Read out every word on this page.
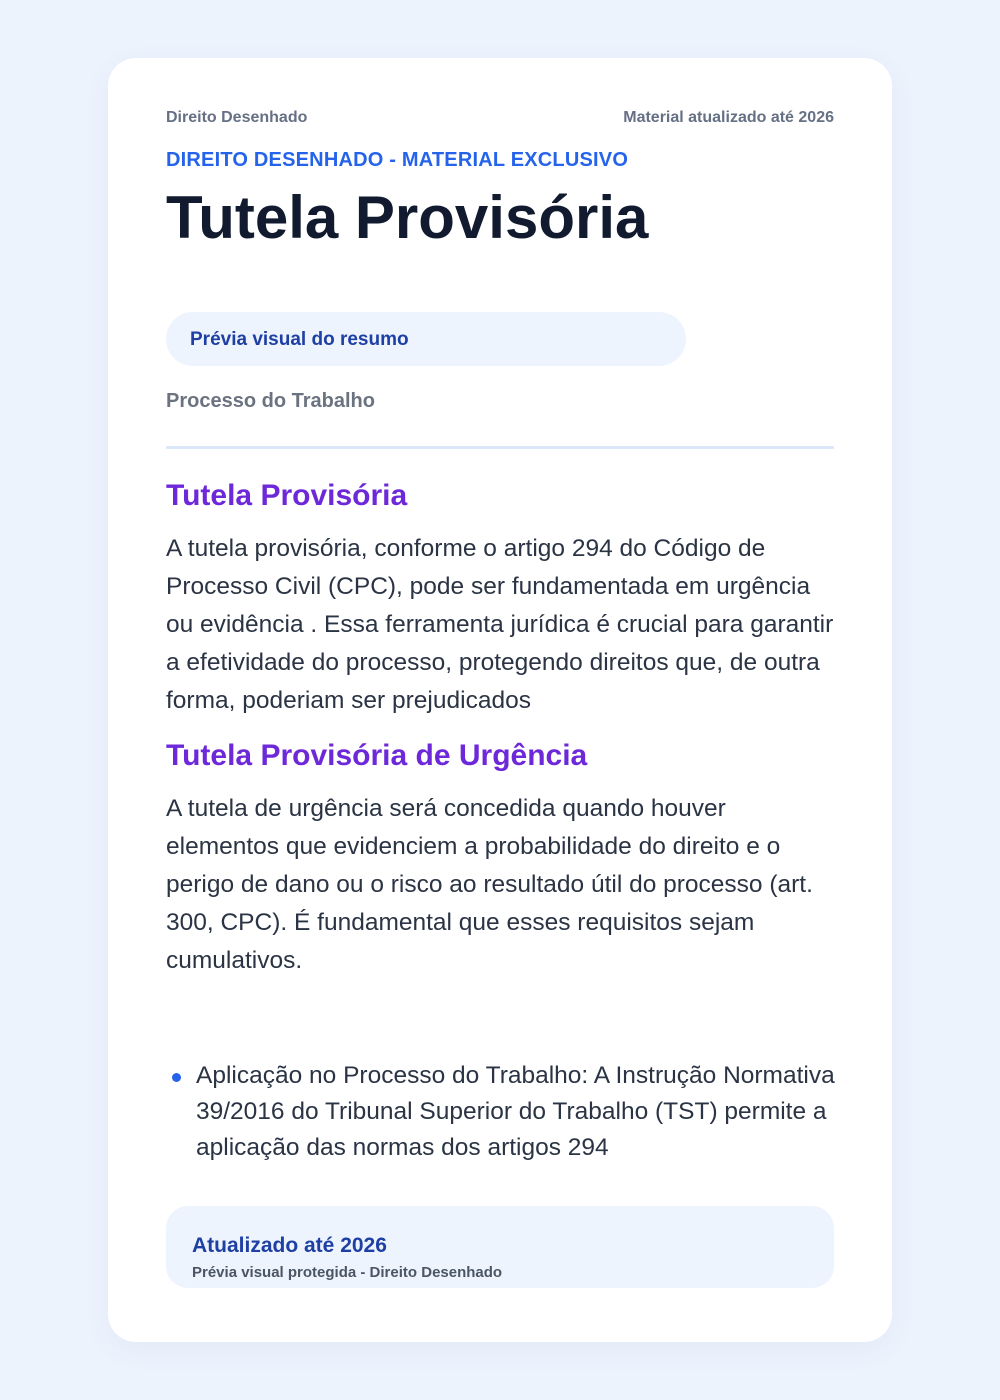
Direito Desenhado	Material atualizado até 2026
DIREITO DESENHADO - MATERIAL EXCLUSIVO
Tutela Provisória
Prévia visual do resumo
Processo do Trabalho
Tutela Provisória

A tutela provisória, conforme o artigo 294 do Código de Processo Civil (CPC), pode ser fundamentada em urgência ou evidência . Essa ferramenta jurídica é crucial para garantir a efetividade do processo, protegendo direitos que, de outra forma, poderiam ser prejudicados

Tutela Provisória de Urgência

A tutela de urgência será concedida quando houver elementos que evidenciem a probabilidade do direito e o perigo de dano ou o risco ao resultado útil do processo (art. 300, CPC). É fundamental que esses requisitos sejam cumulativos.

Aplicação no Processo do Trabalho: A Instrução Normativa 39/2016 do Tribunal Superior do Trabalho (TST) permite a aplicação das normas dos artigos 294
Atualizado até 2026
Prévia visual protegida - Direito Desenhado
